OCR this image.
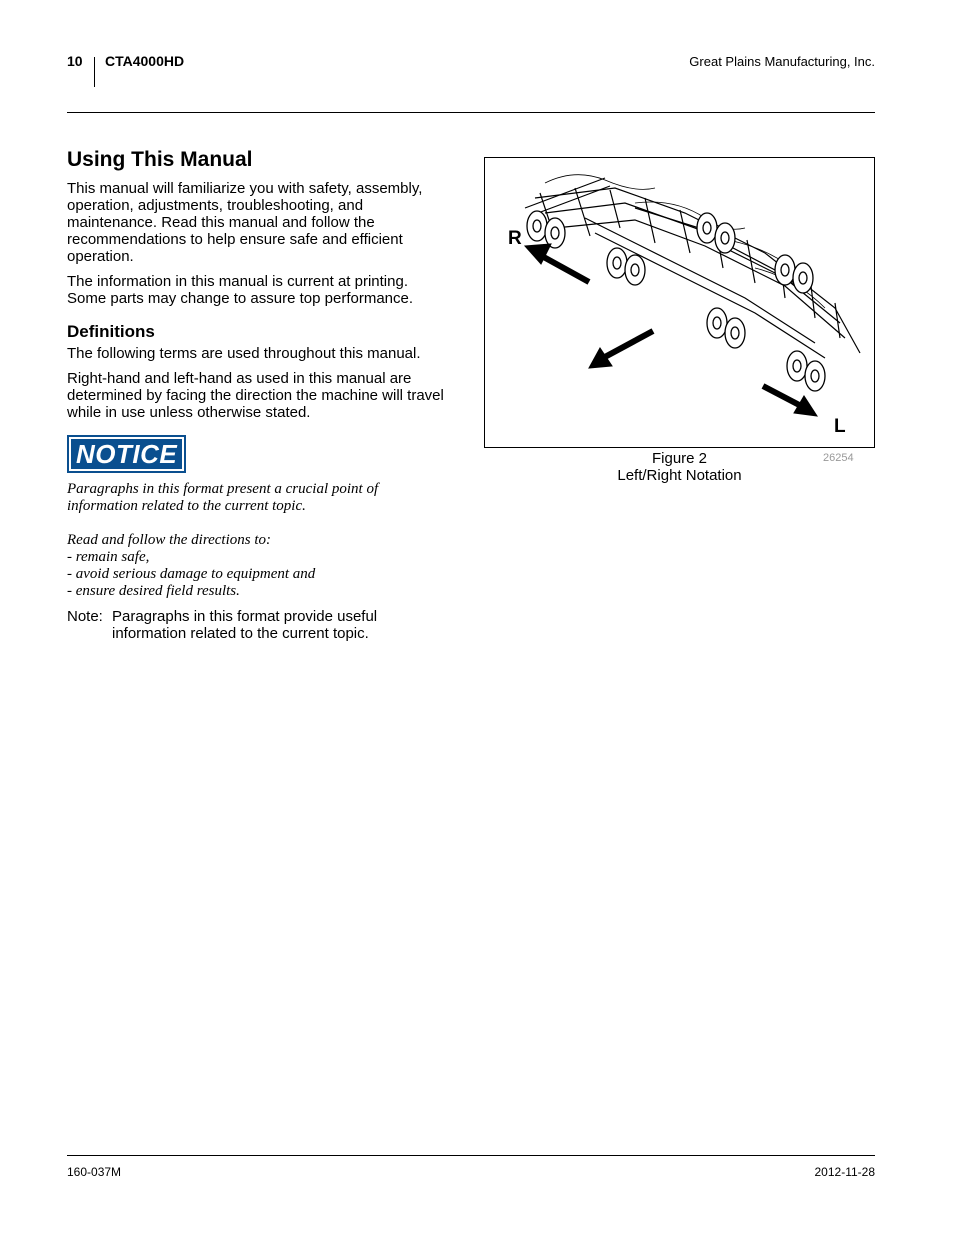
10 CTA4000HD	Great Plains Manufacturing, Inc.
Using This Manual

This manual will familiarize you with safety, assembly, operation, adjustments, troubleshooting, and maintenance. Read this manual and follow the recommendations to help ensure safe and efficient operation.

The information in this manual is current at printing. Some parts may change to assure top performance.

Definitions

The following terms are used throughout this manual.

Right-hand and left-hand as used in this manual are determined by facing the direction the machine will travel while in use unless otherwise stated.

NOTICE
Paragraphs in this format present a crucial point of
information related to the current topic.
Read and follow the directions to:
- remain safe,
- avoid serious damage to equipment and
- ensure desired field results.
Note: Paragraphs in this format provide useful information related to the current topic.
R
L
Figure 2
Left/Right Notation
26254
160-037M	2012-11-28
